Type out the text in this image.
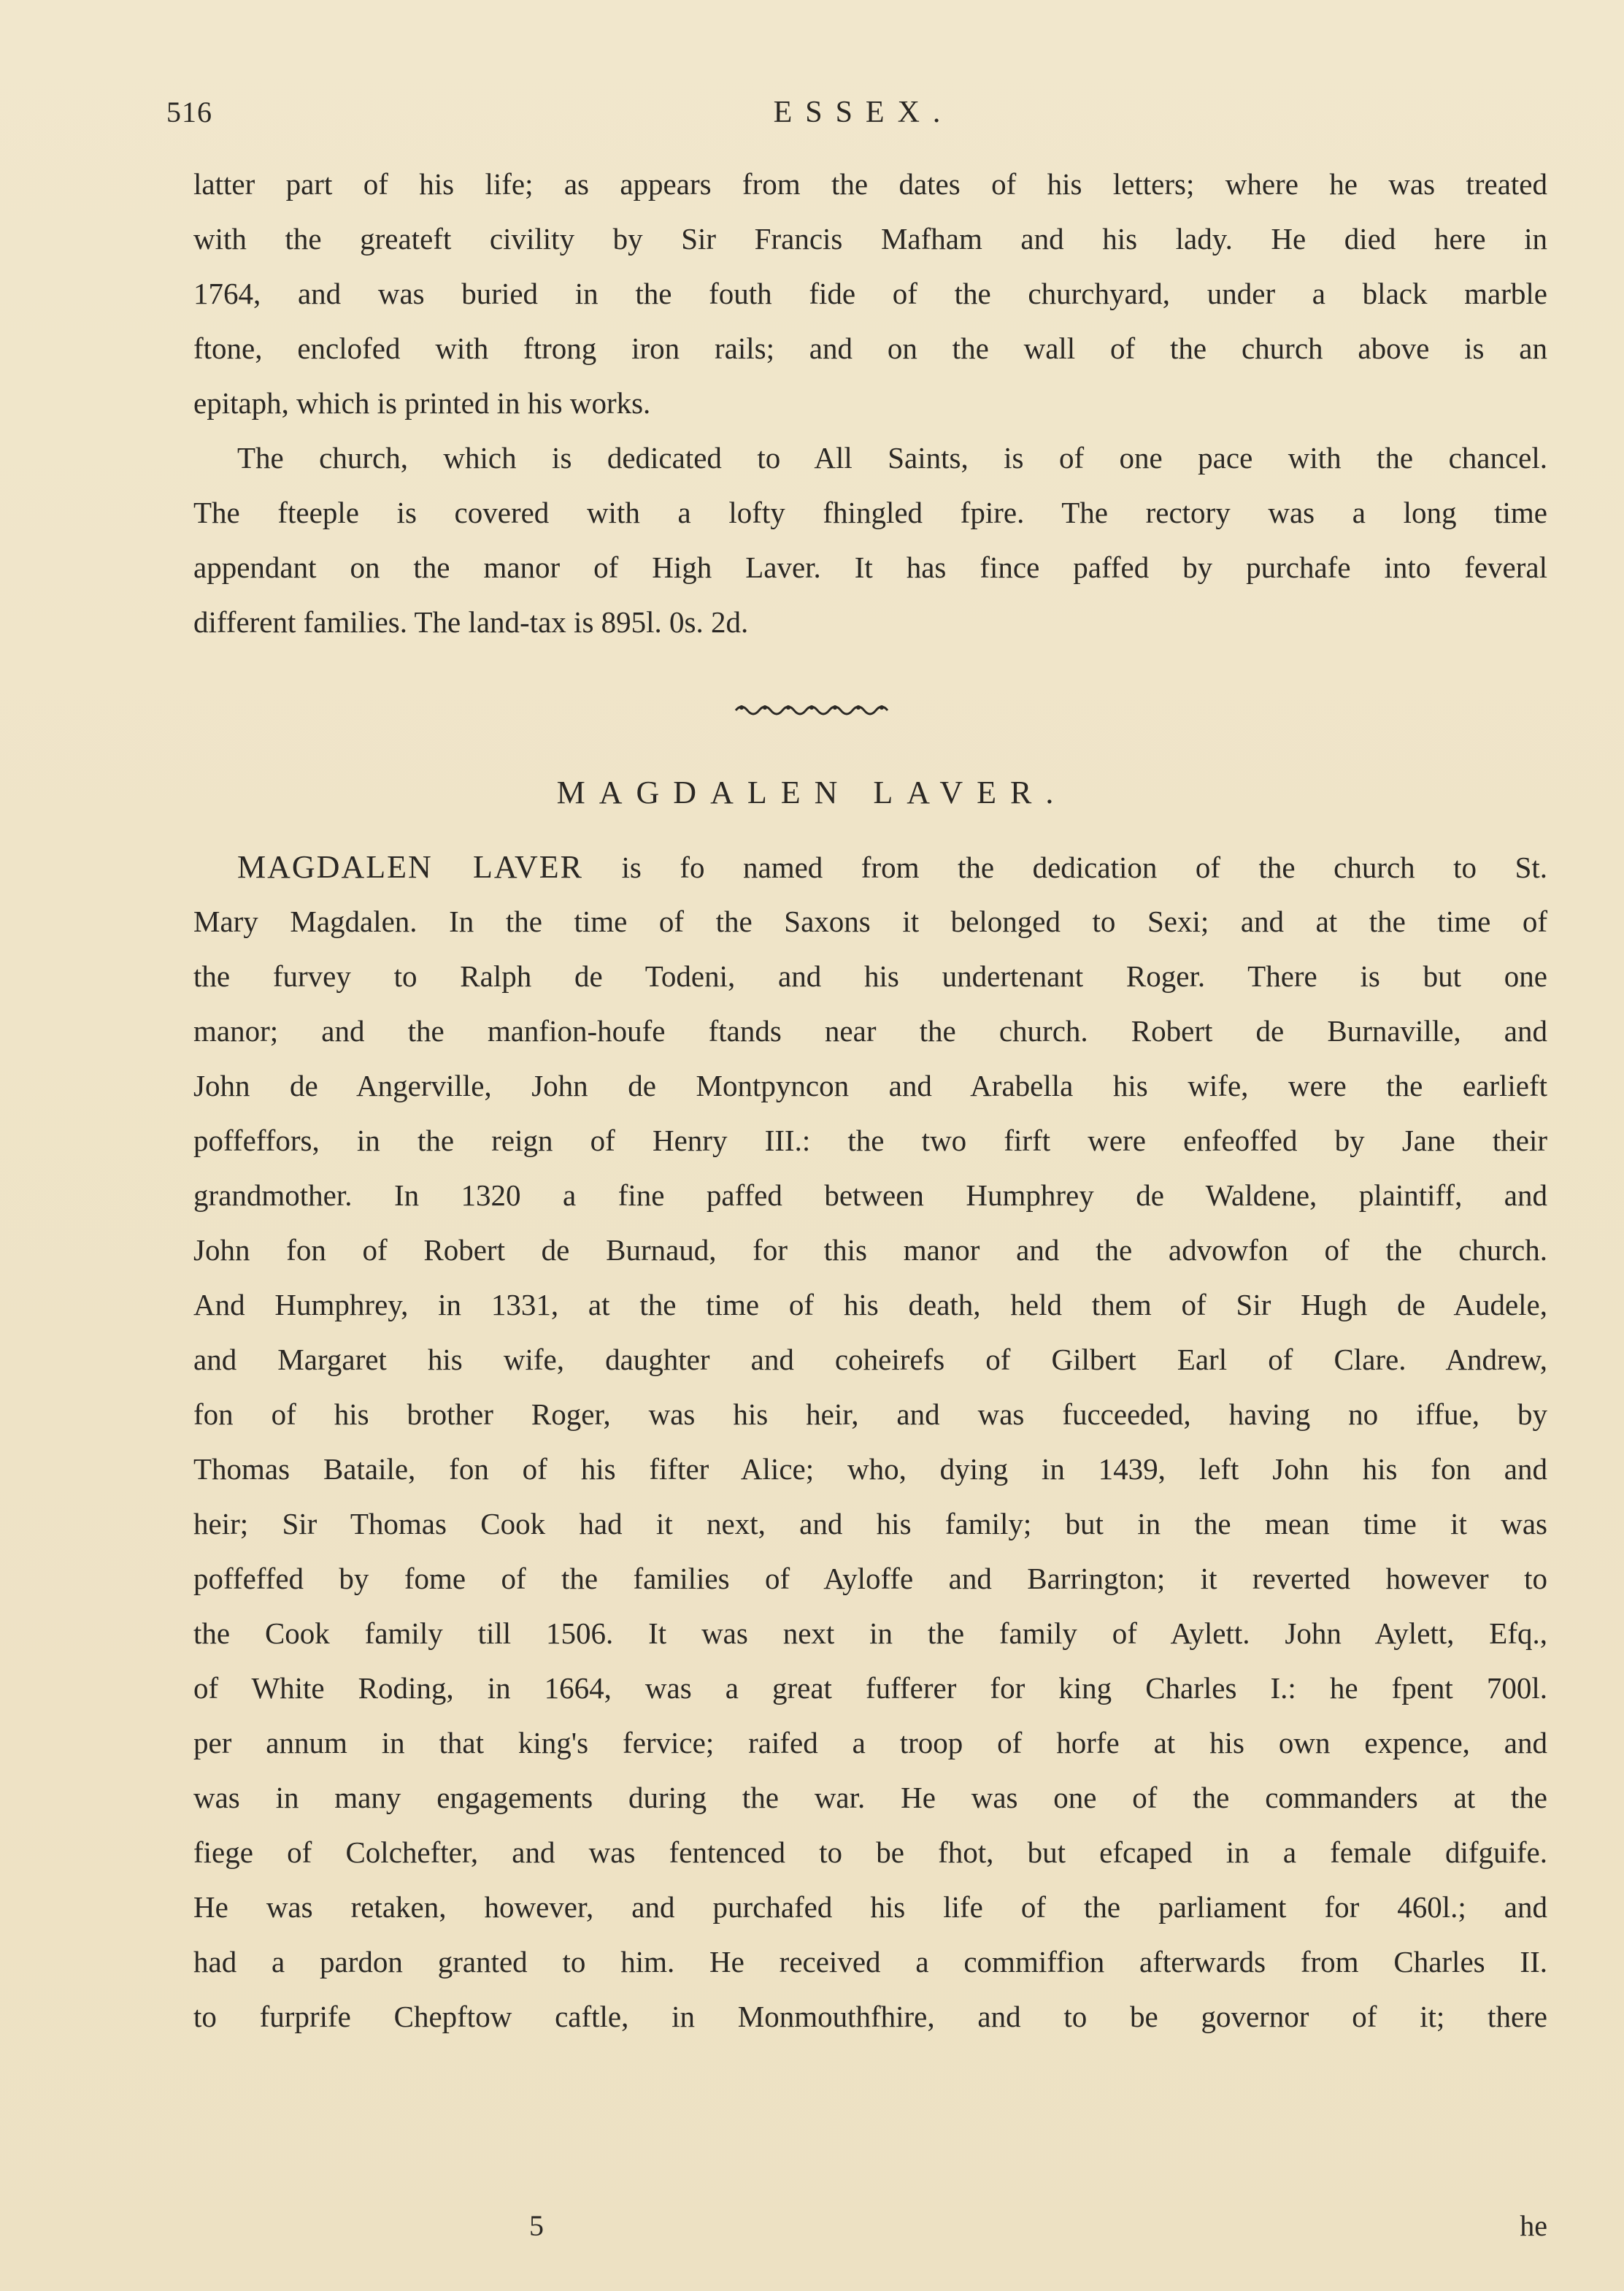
516	ESSEX.
latter part of his life; as appears from the dates of his letters; where he was treated
with the greateft civility by Sir Francis Mafham and his lady. He died here in
1764, and was buried in the fouth fide of the churchyard, under a black marble
ftone, enclofed with ftrong iron rails; and on the wall of the church above is an
epitaph, which is printed in his works.
The church, which is dedicated to All Saints, is of one pace with the chancel.
The fteeple is covered with a lofty fhingled fpire. The rectory was a long time
appendant on the manor of High Laver. It has fince paffed by purchafe into feveral
different families. The land-tax is 895l. 0s. 2d.
MAGDALEN LAVER.
MAGDALEN LAVER is fo named from the dedication of the church to St.
Mary Magdalen. In the time of the Saxons it belonged to Sexi; and at the time of
the furvey to Ralph de Todeni, and his undertenant Roger. There is but one
manor; and the manfion-houfe ftands near the church. Robert de Burnaville, and
John de Angerville, John de Montpyncon and Arabella his wife, were the earlieft
poffeffors, in the reign of Henry III.: the two firft were enfeoffed by Jane their
grandmother. In 1320 a fine paffed between Humphrey de Waldene, plaintiff, and
John fon of Robert de Burnaud, for this manor and the advowfon of the church.
And Humphrey, in 1331, at the time of his death, held them of Sir Hugh de Audele,
and Margaret his wife, daughter and coheirefs of Gilbert Earl of Clare. Andrew,
fon of his brother Roger, was his heir, and was fucceeded, having no iffue, by
Thomas Bataile, fon of his fifter Alice; who, dying in 1439, left John his fon and
heir; Sir Thomas Cook had it next, and his family; but in the mean time it was
poffeffed by fome of the families of Ayloffe and Barrington; it reverted however to
the Cook family till 1506. It was next in the family of Aylett. John Aylett, Efq.,
of White Roding, in 1664, was a great fufferer for king Charles I.: he fpent 700l.
per annum in that king's fervice; raifed a troop of horfe at his own expence, and
was in many engagements during the war. He was one of the commanders at the
fiege of Colchefter, and was fentenced to be fhot, but efcaped in a female difguife.
He was retaken, however, and purchafed his life of the parliament for 460l.; and
had a pardon granted to him. He received a commiffion afterwards from Charles II.
to furprife Chepftow caftle, in Monmouthfhire, and to be governor of it; there
5	he
